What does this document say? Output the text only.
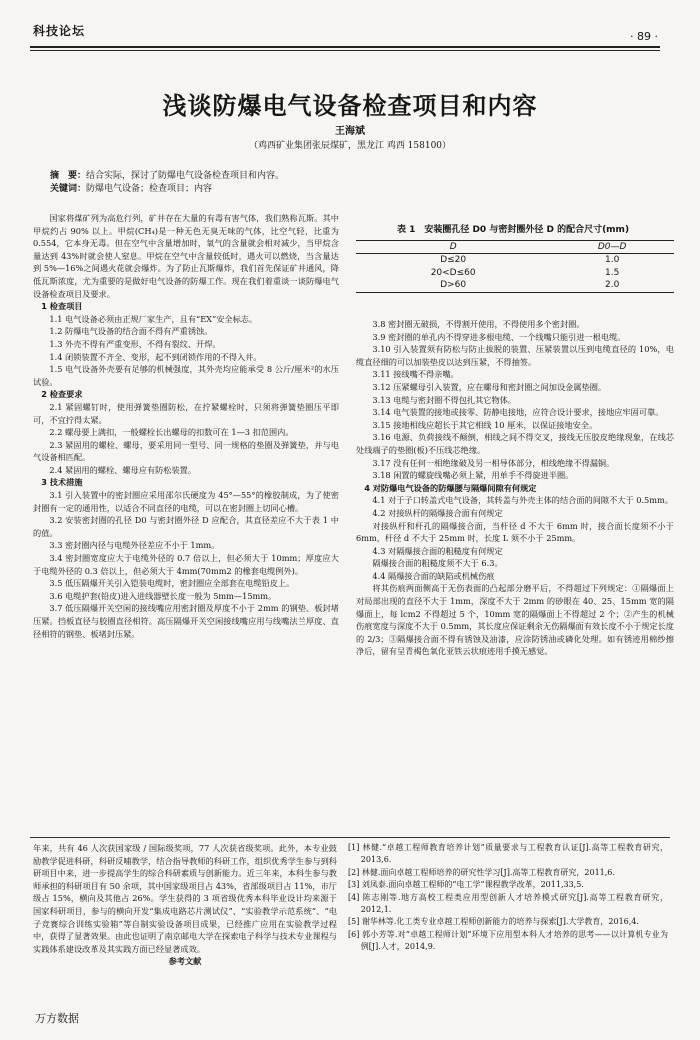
科技论坛	· 89 ·
浅谈防爆电气设备检查项目和内容
王海斌
（鸡西矿业集团张辰煤矿，黑龙江 鸡西 158100）
摘　要：结合实际，探讨了防爆电气设备检查项目和内容。
关键词：防爆电气设备；检查项目；内容

国家将煤矿列为高危行列，矿井存在大量的有毒有害气体，我们熟称瓦斯。其中甲烷约占 90% 以上。甲烷(CH₄)是一种无色无臭无味的气体，比空气轻，比重为 0.554，它本身无毒。但在空气中含量增加时，氧气的含量就会相对减少，当甲烷含量达到 43%时就会使人窒息。甲烷在空气中含量较低时，遇火可以燃烧，当含量达到 5%—16%之间遇火花就会爆炸。为了防止瓦斯爆炸，我们首先保证矿井通风，降低瓦斯浓度，尤为重要的是做好电气设备的防爆工作。现在我们着重谈一谈防爆电气设备检查项目及要求。

1 检查项目

1.1 电气设备必须由正规厂家生产，且有“EX”安全标志。

1.2 防爆电气设备的结合面不得有严重锈蚀。

1.3 外壳不得有严重变形，不得有裂纹、开焊。

1.4 闭锁装置不齐全、变形，起不到闭锁作用的不得入井。

1.5 电气设备外壳要有足够的机械强度，其外壳均应能承受 8 公斤/厘米²的水压试验。

2 检查要求

2.1 紧固螺钉时，使用弹簧垫圈防松，在拧紧螺栓时，只须将弹簧垫圈压平即可，不宜拧得太紧。

2.2 螺母要上满扣，一般螺栓长出螺母的扣数可在 1—3 扣范围内。

2.3 紧固用的螺栓、螺母，要采用同一型号、同一规格的垫圈及弹簧垫，并与电气设备相匹配。

2.4 紧固用的螺栓、螺母应有防松装置。

3 技术措施

3.1 引入装置中的密封圈应采用邵尔氏硬度为 45°—55°的橡胶制成，为了使密封圈有一定的通用性，以适合不同直径的电缆，可以在密封圈上切同心槽。

3.2 安装密封圈的孔径 D0 与密封圈外径 D 应配合，其直径差应不大于表 1 中的值。

3.3 密封圈内径与电缆外径差应不小于 1mm。

3.4 密封圈宽度应大于电缆外径的 0.7 倍以上，但必须大于 10mm；厚度应大于电缆外径的 0.3 倍以上，但必须大于 4mm(70mm2 的橡套电缆例外)。

3.5 低压隔爆开关引入铠装电缆时，密封圈应全部套在电缆铅皮上。

3.6 电缆护套(铅皮)进入进线器壁长度一般为 5mm—15mm。

3.7 低压隔爆开关空闲的接线嘴应用密封圈及厚度不小于 2mm 的钢垫、板封堵压紧。挡板直径与胶圈直径相符。高压隔爆开关空闲接线嘴应用与线嘴法兰厚度、直径相符的钢垫、板堵封压紧。

表 1　安装圈孔径 D0 与密封圈外径 D 的配合尺寸(mm)
D	D0—D
D≤20	1.0
20<D≤60	1.5
D>60	2.0

3.8 密封圈无破损，不得割开使用，不得使用多个密封圈。

3.9 密封圈的单孔内不得穿进多根电缆、一个线嘴只能引进一根电缆。

3.10 引入装置须有防松与防止拔脱的装置、压紧装置以压到电缆直径的 10%，电缆直径细的可以加装垫皮以达到压紧，不得抽签。

3.11 接线嘴不得亲嘴。

3.12 压紧螺母引入装置，应在螺母和密封圈之间加设金属垫圈。

3.13 电缆与密封圈不得包扎其它物体。

3.14 电气装置的接地或接零、防静电接地，应符合设计要求，接地应牢固可靠。

3.15 接地相线应超长于其它相线 10 厘米，以保证接地安全。

3.16 电源、负荷接线不颠倒，相线之间不得交叉，接线无压胶皮绝缘现象，在线芯处线端子的垫圈(板)不压线芯绝缘。

3.17 没有任何一相绝缘破及另一相导体部分，相线绝缘不得漏铜。

3.18 闲置的螺旋线嘴必须上紧，用单手不得旋进半圈。

4 对防爆电气设备的防爆腰与隔爆间隙有何规定

4.1 对于子口转盖式电气设备，其转盖与外壳主体的结合面的间隙不大于 0.5mm。

4.2 对接纵杆的隔爆接合面有何规定

对接纵杆和杆孔的隔爆接合面，当杆径 d 不大于 6mm 时，接合面长度须不小于 6mm，杆径 d 不大于 25mm 时，长度 L 须不小于 25mm。

4.3 对隔爆接合面的粗糙度有何规定

隔爆接合面的粗糙度须不大于 6.3。

4.4 隔爆接合面的缺陷或机械伤痕

将其伤痕两面侧高于无伤表面的凸起部分磨平后，不得超过下列规定：①隔爆面上对局部出现的直径不大于 1mm，深度不大于 2mm 的砂眼在 40、25、15mm 宽的隔爆面上，每 lcm2 不得超过 5 个，10mm 宽的隔爆面上不得超过 2 个；②产生的机械伤痕宽度与深度不大于 0.5mm，其长度应保证剩余无伤隔爆面有效长度不小于规定长度的 2/3；③隔爆接合面不得有锈蚀及油漆，应涂防锈油或磷化处理。如有锈迹用棉纱擦净后，留有呈青褐色氧化亚铁云状痕迹用手摸无感觉。

年来，共有 46 人次获国家级 / 国际级奖项，77 人次获省级奖项。此外，本专业鼓励教学促进科研，科研反哺教学，结合指导教师的科研工作，组织优秀学生参与到科研项目中来，进一步提高学生的综合科研素质与创新能力。近三年来，本科生参与教师承担的科研项目有 50 余项，其中国家级项目占 43%，省部级项目占 11%，市厅级占 15%，横向及其他占 26%。学生获得的 3 项省级优秀本科毕业设计均来源于国家科研项目，参与的横向开发“集成电路芯片测试仪”、“实验教学示范系统”、“电子竞赛综合训练实验箱”等自制实验设备项目成果，已经推广应用在实验教学过程中，获得了显著效果。由此也证明了南京邮电大学在探索电子科学与技术专业课程与实践体系建设改革及其实践方面已经显著成效。

参考文献

[1] 林健.“卓越工程师教育培养计划”质量要求与工程教育认证[J].高等工程教育研究，2013,6.

[2] 林健.面向卓越工程师培养的研究性学习[J].高等工程教育研究，2011,6.

[3] 刘凤泰.面向卓越工程师的“电工学”课程教学改革，2011,33,5.

[4] 陈志刚等.地方高校工程类应用型创新人才培养模式研究[J].高等工程教育研究，2012,1.

[5] 谢华林等.化工类专业卓越工程师创新能力的培养与探索[J].大学教育，2016,4.

[6] 郭小芳等.对“卓越工程师计划”环境下应用型本科人才培养的思考——以计算机专业为例[J].人才，2014,9.

万方数据
